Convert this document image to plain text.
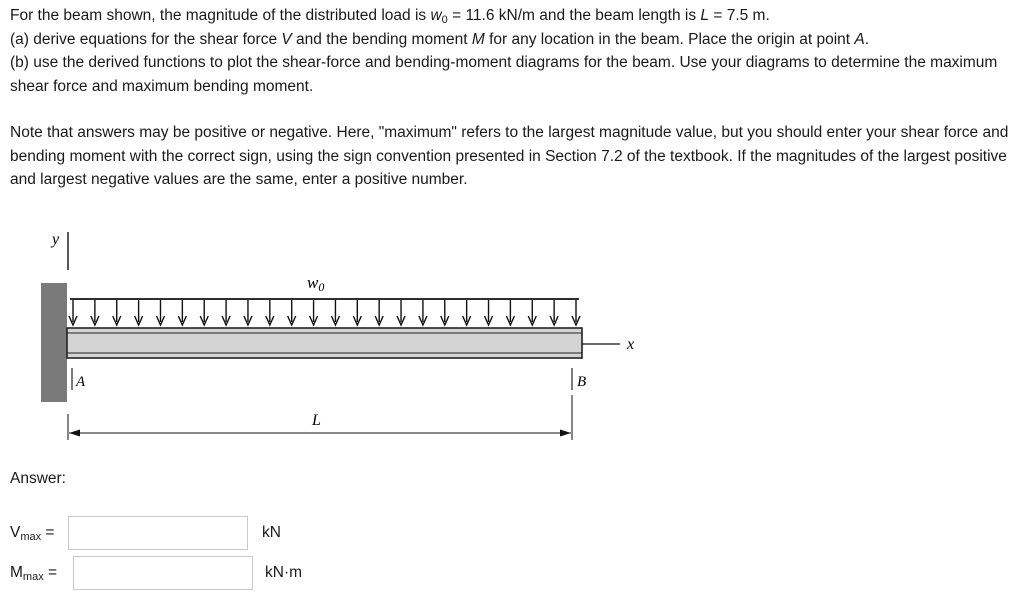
For the beam shown, the magnitude of the distributed load is $w_0 = 11.6$ kN/m and the beam length is L = 7.5 m.

(a) derive equations for the shear force V and the bending moment M for any location in the beam. Place the origin at point A.

(b) use the derived functions to plot the shear-force and bending-moment diagrams for the beam. Use your diagrams to determine the maximum shear force and maximum bending moment.

Note that answers may be positive or negative. Here, "maximum" refers to the largest magnitude value, but you should enter your shear force and bending moment with the correct sign, using the sign convention presented in Section 7.2 of the textbook. If the magnitudes of the largest positive and largest negative values are the same, enter a positive number.

y
x
w0
A	B
L
Answer:
$V_{max}$ =	kN
$M_{max}$ =	kN·m
